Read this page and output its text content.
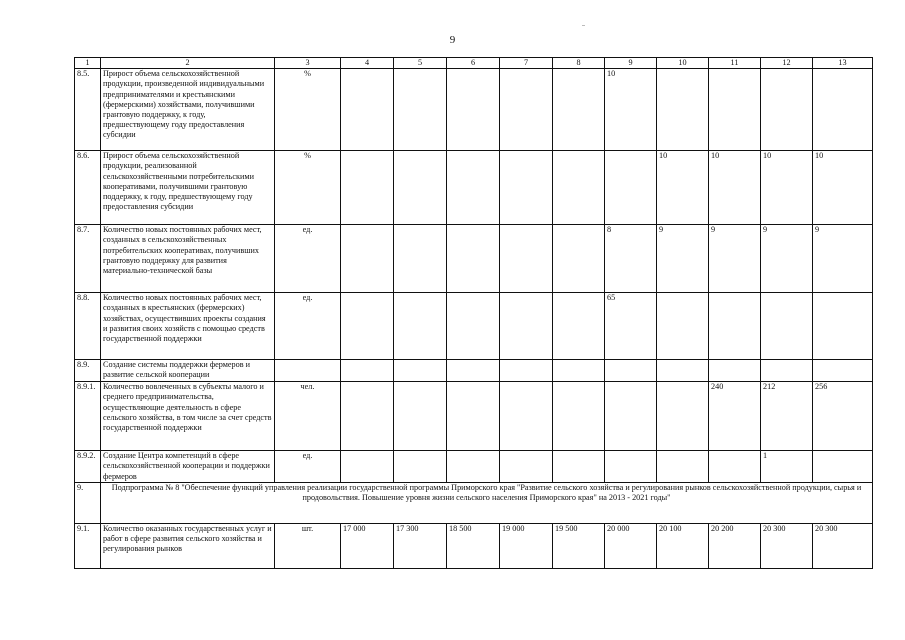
9
1	2	3	4	5	6	7	8	9	10	11	12	13
8.5.	Прирост объема сельскохозяйственной продукции, произведенной индивидуальными предпринимателями и крестьянскими (фермерскими) хозяйствами, получившими грантовую поддержку, к году, предшествующему году предоставления субсидии	%						10				
8.6.	Прирост объема сельскохозяйственной продукции, реализованной сельскохозяйственными потребительскими кооперативами, получившими грантовую поддержку, к году, предшествующему году предоставления субсидии	%							10	10	10	10
8.7.	Количество новых постоянных рабочих мест, созданных в сельскохозяйственных потребительских кооперативах, получивших грантовую поддержку для развития материально-технической базы	ед.						8	9	9	9	9
8.8.	Количество новых постоянных рабочих мест, созданных в крестьянских (фермерских) хозяйствах, осуществивших проекты создания и развития своих хозяйств с помощью средств государственной поддержки	ед.						65				
8.9.	Создание системы поддержки фермеров и развитие сельской кооперации											
8.9.1.	Количество вовлеченных в субъекты малого и среднего предпринимательства, осуществляющие деятельность в сфере сельского хозяйства, в том числе за счет средств государственной поддержки	чел.								240	212	256
8.9.2.	Создание Центра компетенций в сфере сельскохозяйственной кооперации и поддержки фермеров	ед.									1	
9.	Подпрограмма № 8 "Обеспечение функций управления реализации государственной программы Приморского края "Развитие сельского хозяйства и регулирования рынков сельскохозяйственной продукции, сырья и продовольствия. Повышение уровня жизни сельского населения Приморского края" на 2013 - 2021 годы"											
9.1.	Количество оказанных государственных услуг и работ в сфере развития сельского хозяйства и регулирования рынков	шт.	17 000	17 300	18 500	19 000	19 500	20 000	20 100	20 200	20 300	20 300
